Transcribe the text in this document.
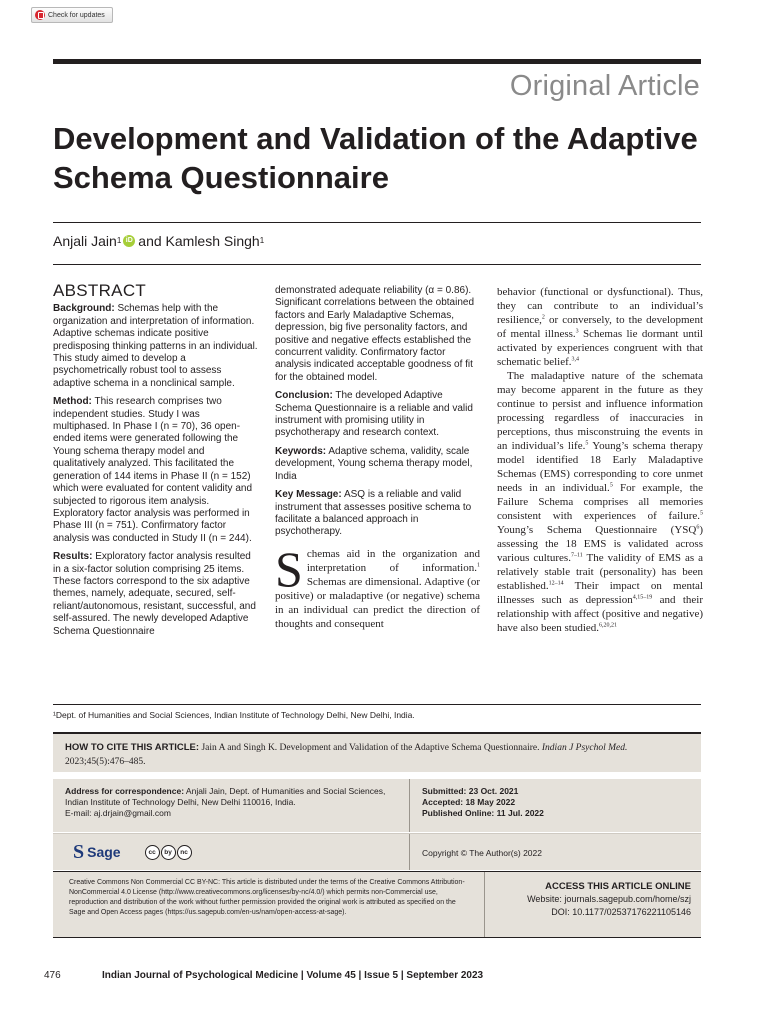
Check for updates
Original Article
Development and Validation of the Adaptive Schema Questionnaire
Anjali Jain 1 iD and Kamlesh Singh 1
ABSTRACT

Background: Schemas help with the organization and interpretation of information. Adaptive schemas indicate positive predisposing thinking patterns in an individual. This study aimed to develop a psychometrically robust tool to assess adaptive schema in a nonclinical sample.

Method: This research comprises two independent studies. Study I was multiphased. In Phase I (n = 70), 36 open-ended items were generated following the Young schema therapy model and qualitatively analyzed. This facilitated the generation of 144 items in Phase II (n = 152) which were evaluated for content validity and subjected to rigorous item analysis. Exploratory factor analysis was performed in Phase III (n = 751). Confirmatory factor analysis was conducted in Study II (n = 244).

Results: Exploratory factor analysis resulted in a six-factor solution comprising 25 items. These factors correspond to the six adaptive themes, namely, adequate, secured, self-reliant/autonomous, resistant, successful, and self-assured. The newly developed Adaptive Schema Questionnaire

demonstrated adequate reliability (α = 0.86). Significant correlations between the obtained factors and Early Maladaptive Schemas, depression, big five personality factors, and positive and negative effects established the concurrent validity. Confirmatory factor analysis indicated acceptable goodness of fit for the obtained model.

Conclusion: The developed Adaptive Schema Questionnaire is a reliable and valid instrument with promising utility in psychotherapy and research context.

Keywords: Adaptive schema, validity, scale development, Young schema therapy model, India

Key Message: ASQ is a reliable and valid instrument that assesses positive schema to facilitate a balanced approach in psychotherapy.

Schemas aid in the organization and interpretation of information.$^1$ Schemas are dimensional. Adaptive (or positive) or maladaptive (or negative) schema in an individual can predict the direction of thoughts and consequent

behavior (functional or dysfunctional). Thus, they can contribute to an individual’s resilience,$^2$ or conversely, to the development of mental illness.$^3$ Schemas lie dormant until activated by experiences congruent with that schematic belief.$^{3,4}$

The maladaptive nature of the schemata may become apparent in the future as they continue to persist and influence information processing regardless of inaccuracies in perceptions, thus misconstruing the events in an individual’s life.$^5$ Young’s schema therapy model identified 18 Early Maladaptive Schemas (EMS) corresponding to core unmet needs in an individual.$^5$ For example, the Failure Schema comprises all memories consistent with experiences of failure.$^5$ Young’s Schema Questionnaire (YSQ$^6$) assessing the 18 EMS is validated across various cultures.$^{7-11}$ The validity of EMS as a relatively stable trait (personality) has been established.$^{12-14}$ Their impact on mental illnesses such as depression$^{4,15-19}$ and their relationship with affect (positive and negative) have also been studied.$^{6,20,21}$

¹Dept. of Humanities and Social Sciences, Indian Institute of Technology Delhi, New Delhi, India.
HOW TO CITE THIS ARTICLE: Jain A and Singh K. Development and Validation of the Adaptive Schema Questionnaire. Indian J Psychol Med. 2023;45(5):476–485.
Address for correspondence: Anjali Jain, Dept. of Humanities and Social Sciences, Indian Institute of Technology Delhi, New Delhi 110016, India.
E-mail: aj.drjain@gmail.com
Submitted: 23 Oct. 2021
Accepted: 18 May 2022
Published Online: 11 Jul. 2022
S Sage	cc	by	nc	Copyright © The Author(s) 2022
Creative Commons Non Commercial CC BY-NC: This article is distributed under the terms of the Creative Commons Attribution- NonCommercial 4.0 License (http://www.creativecommons.org/licenses/by-nc/4.0/) which permits non-Commercial use, reproduction and distribution of the work without further permission provided the original work is attributed as specified on the Sage and Open Access pages (https://us.sagepub.com/en-us/nam/open-access-at-sage).
ACCESS THIS ARTICLE ONLINE
Website: journals.sagepub.com/home/szj
DOI: 10.1177/02537176221105146
476	Indian Journal of Psychological Medicine | Volume 45 | Issue 5 | September 2023
